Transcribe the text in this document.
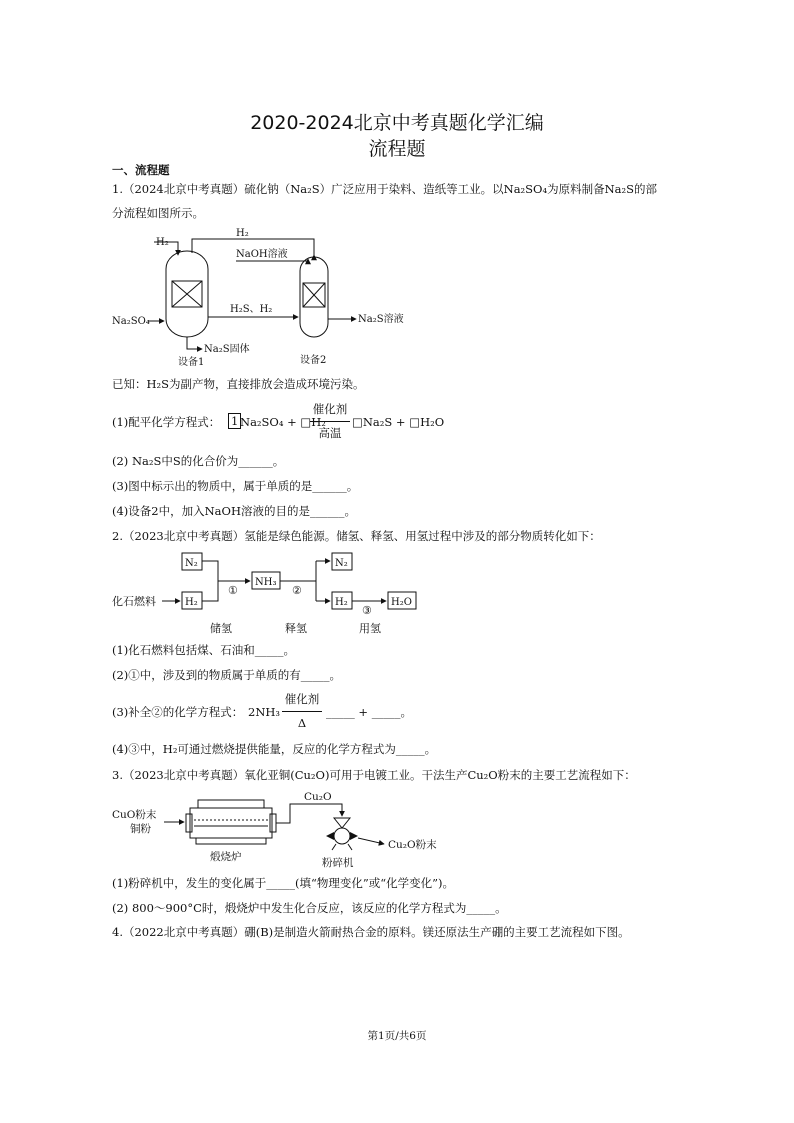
2020-2024北京中考真题化学汇编
流程题
一、流程题
1.（2024北京中考真题）硫化钠（Na₂S）广泛应用于染料、造纸等工业。以Na₂SO₄为原料制备Na₂S的部
分流程如图所示。
H₂
H₂
NaOH溶液
H₂S、H₂
Na₂SO₄
Na₂S固体
Na₂S溶液
设备1	设备2
已知：H₂S为副产物，直接排放会造成环境污染。
(1)配平化学方程式： 1 Na₂SO₄ + □H₂
催化剂
高温
□Na₂S + □H₂O
(2) Na₂S中S的化合价为______。
(3)图中标示出的物质中，属于单质的是______。
(4)设备2中，加入NaOH溶液的目的是______。
2.（2023北京中考真题）氢能是绿色能源。储氢、释氢、用氢过程中涉及的部分物质转化如下：
N₂
H₂
化石燃料
①
NH₃
②
N₂
H₂
③
H₂O
储氢	释氢	用氢
(1)化石燃料包括煤、石油和_____。
(2)①中，涉及到的物质属于单质的有_____。
(3)补全②的化学方程式： 2NH₃
催化剂
Δ
_____ + _____。
(4)③中，H₂可通过燃烧提供能量，反应的化学方程式为_____。
3.（2023北京中考真题）氧化亚铜(Cu₂O)可用于电镀工业。干法生产Cu₂O粉末的主要工艺流程如下：
CuO粉末
铜粉
煅烧炉
Cu₂O
粉碎机
Cu₂O粉末
(1)粉碎机中，发生的变化属于_____(填“物理变化”或“化学变化”)。
(2) 800～900°C时，煅烧炉中发生化合反应，该反应的化学方程式为_____。
4.（2022北京中考真题）硼(B)是制造火箭耐热合金的原料。镁还原法生产硼的主要工艺流程如下图。
第1页/共6页
